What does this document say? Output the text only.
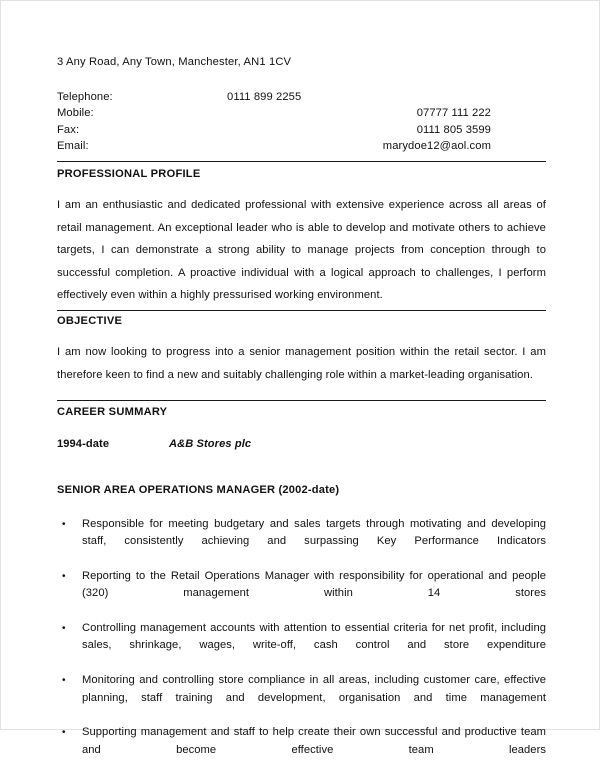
3 Any Road, Any Town, Manchester, AN1 1CV
Telephone:	0111 899 2255
Mobile:	07777 111 222
Fax:	0111 805 3599
Email:	marydoe12@aol.com
PROFESSIONAL PROFILE
I am an enthusiastic and dedicated professional with extensive experience across all areas of retail management. An exceptional leader who is able to develop and motivate others to achieve targets, I can demonstrate a strong ability to manage projects from conception through to successful completion. A proactive individual with a logical approach to challenges, I perform effectively even within a highly pressurised working environment.
OBJECTIVE
I am now looking to progress into a senior management position within the retail sector. I am therefore keen to find a new and suitably challenging role within a market-leading organisation.
CAREER SUMMARY
1994-date	A&B Stores plc
SENIOR AREA OPERATIONS MANAGER (2002-date)
• Responsible for meeting budgetary and sales targets through motivating and developing staff, consistently achieving and surpassing Key Performance Indicators
• Reporting to the Retail Operations Manager with responsibility for operational and people (320) management within 14 stores
• Controlling management accounts with attention to essential criteria for net profit, including sales, shrinkage, wages, write-off, cash control and store expenditure
• Monitoring and controlling store compliance in all areas, including customer care, effective planning, staff training and development, organisation and time management
• Supporting management and staff to help create their own successful and productive team and become effective team leaders
